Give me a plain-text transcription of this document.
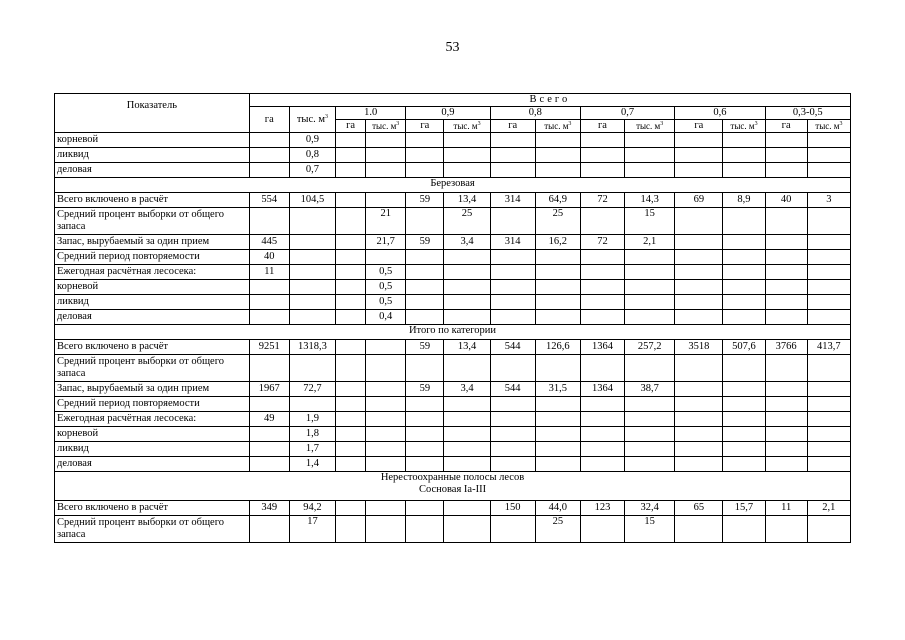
53
Показатель	Всего													
	га	тыс. $м^3$	1.0		0,9		0,8		0,7		0,6		0,3-0,5	
			га	тыс. $м^3$	га	тыс. $м^3$	га	тыс. $м^3$	га	тыс. $м^3$	га	тыс. $м^3$	га	тыс. $м^3$
корневой		0,9												
ликвид		0,8												
деловая		0,7												

Березовая														

Всего включено в расчёт	554	104,5			59	13,4	314	64,9	72	14,3	69	8,9	40	3
Средний процент выборки от общего запаса				21		25		25		15				
Запас, вырубаемый за один прием	445			21,7	59	3,4	314	16,2	72	2,1				
Средний период повторяемости	40													
Ежегодная расчётная лесосека:	11			0,5										
корневой				0,5										
ликвид				0,5										
деловая				0,4										

Итого по категории														

Всего включено в расчёт	9251	1318,3			59	13,4	544	126,6	1364	257,2	3518	507,6	3766	413,7
Средний процент выборки от общего запаса														
Запас, вырубаемый за один прием	1967	72,7			59	3,4	544	31,5	1364	38,7				
Средний период повторяемости														
Ежегодная расчётная лесосека:	49	1,9												
корневой		1,8												
ликвид		1,7												
деловая		1,4												

Нерестоохранные полосы лесов
Сосновая Ia-III														

Всего включено в расчёт	349	94,2					150	44,0	123	32,4	65	15,7	11	2,1
Средний процент выборки от общего запаса		17						25		15				
